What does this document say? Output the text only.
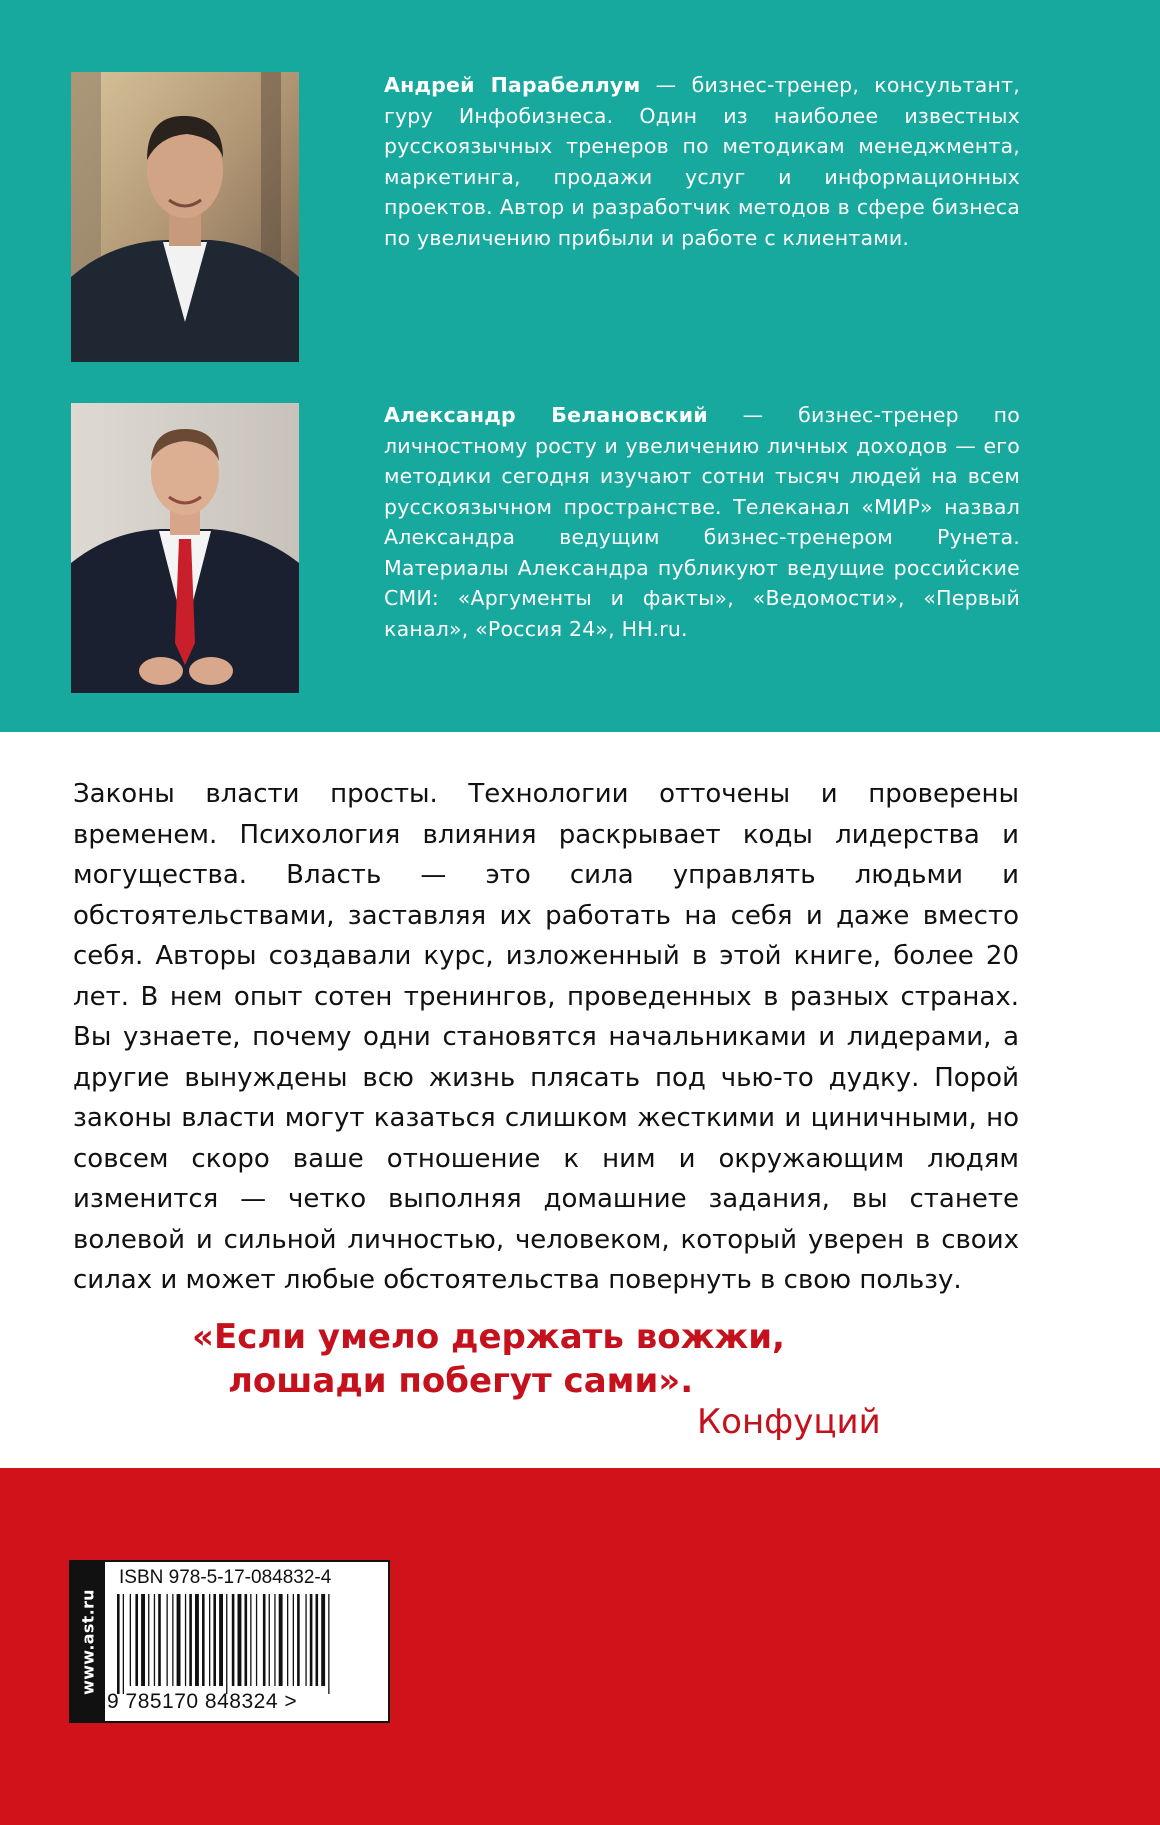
Андрей Парабеллум — бизнес-тренер, консультант, гуру Инфобизнеса. Один из наиболее известных русскоязычных тренеров по методикам менеджмента, маркетинга, продажи услуг и информационных проектов. Автор и разработчик методов в сфере бизнеса по увеличению прибыли и работе с клиентами.
Александр Белановский — бизнес-тренер по личностному росту и увеличению личных доходов — его методики сегодня изучают сотни тысяч людей на всем русскоязычном пространстве. Телеканал «МИР» назвал Александра ведущим бизнес-тренером Рунета. Материалы Александра публикуют ведущие российские СМИ: «Аргументы и факты», «Ведомости», «Первый канал», «Россия 24», HH.ru.
Законы власти просты. Технологии отточены и проверены временем. Психология влияния раскрывает коды лидерства и могущества. Власть — это сила управлять людьми и обстоятельствами, заставляя их работать на себя и даже вместо себя. Авторы создавали курс, изложенный в этой книге, более 20 лет. В нем опыт сотен тренингов, проведенных в разных странах. Вы узнаете, почему одни становятся начальниками и лидерами, а другие вынуждены всю жизнь плясать под чью-то дудку. Порой законы власти могут казаться слишком жесткими и циничными, но совсем скоро ваше отношение к ним и окружающим людям изменится — четко выполняя домашние задания, вы станете волевой и сильной личностью, человеком, который уверен в своих силах и может любые обстоятельства повернуть в свою пользу.
«Если умело держать вожжи,
лошади побегут сами».
Конфуций
www.ast.ru
ISBN 978-5-17-084832-4
9 785170 848324 >
